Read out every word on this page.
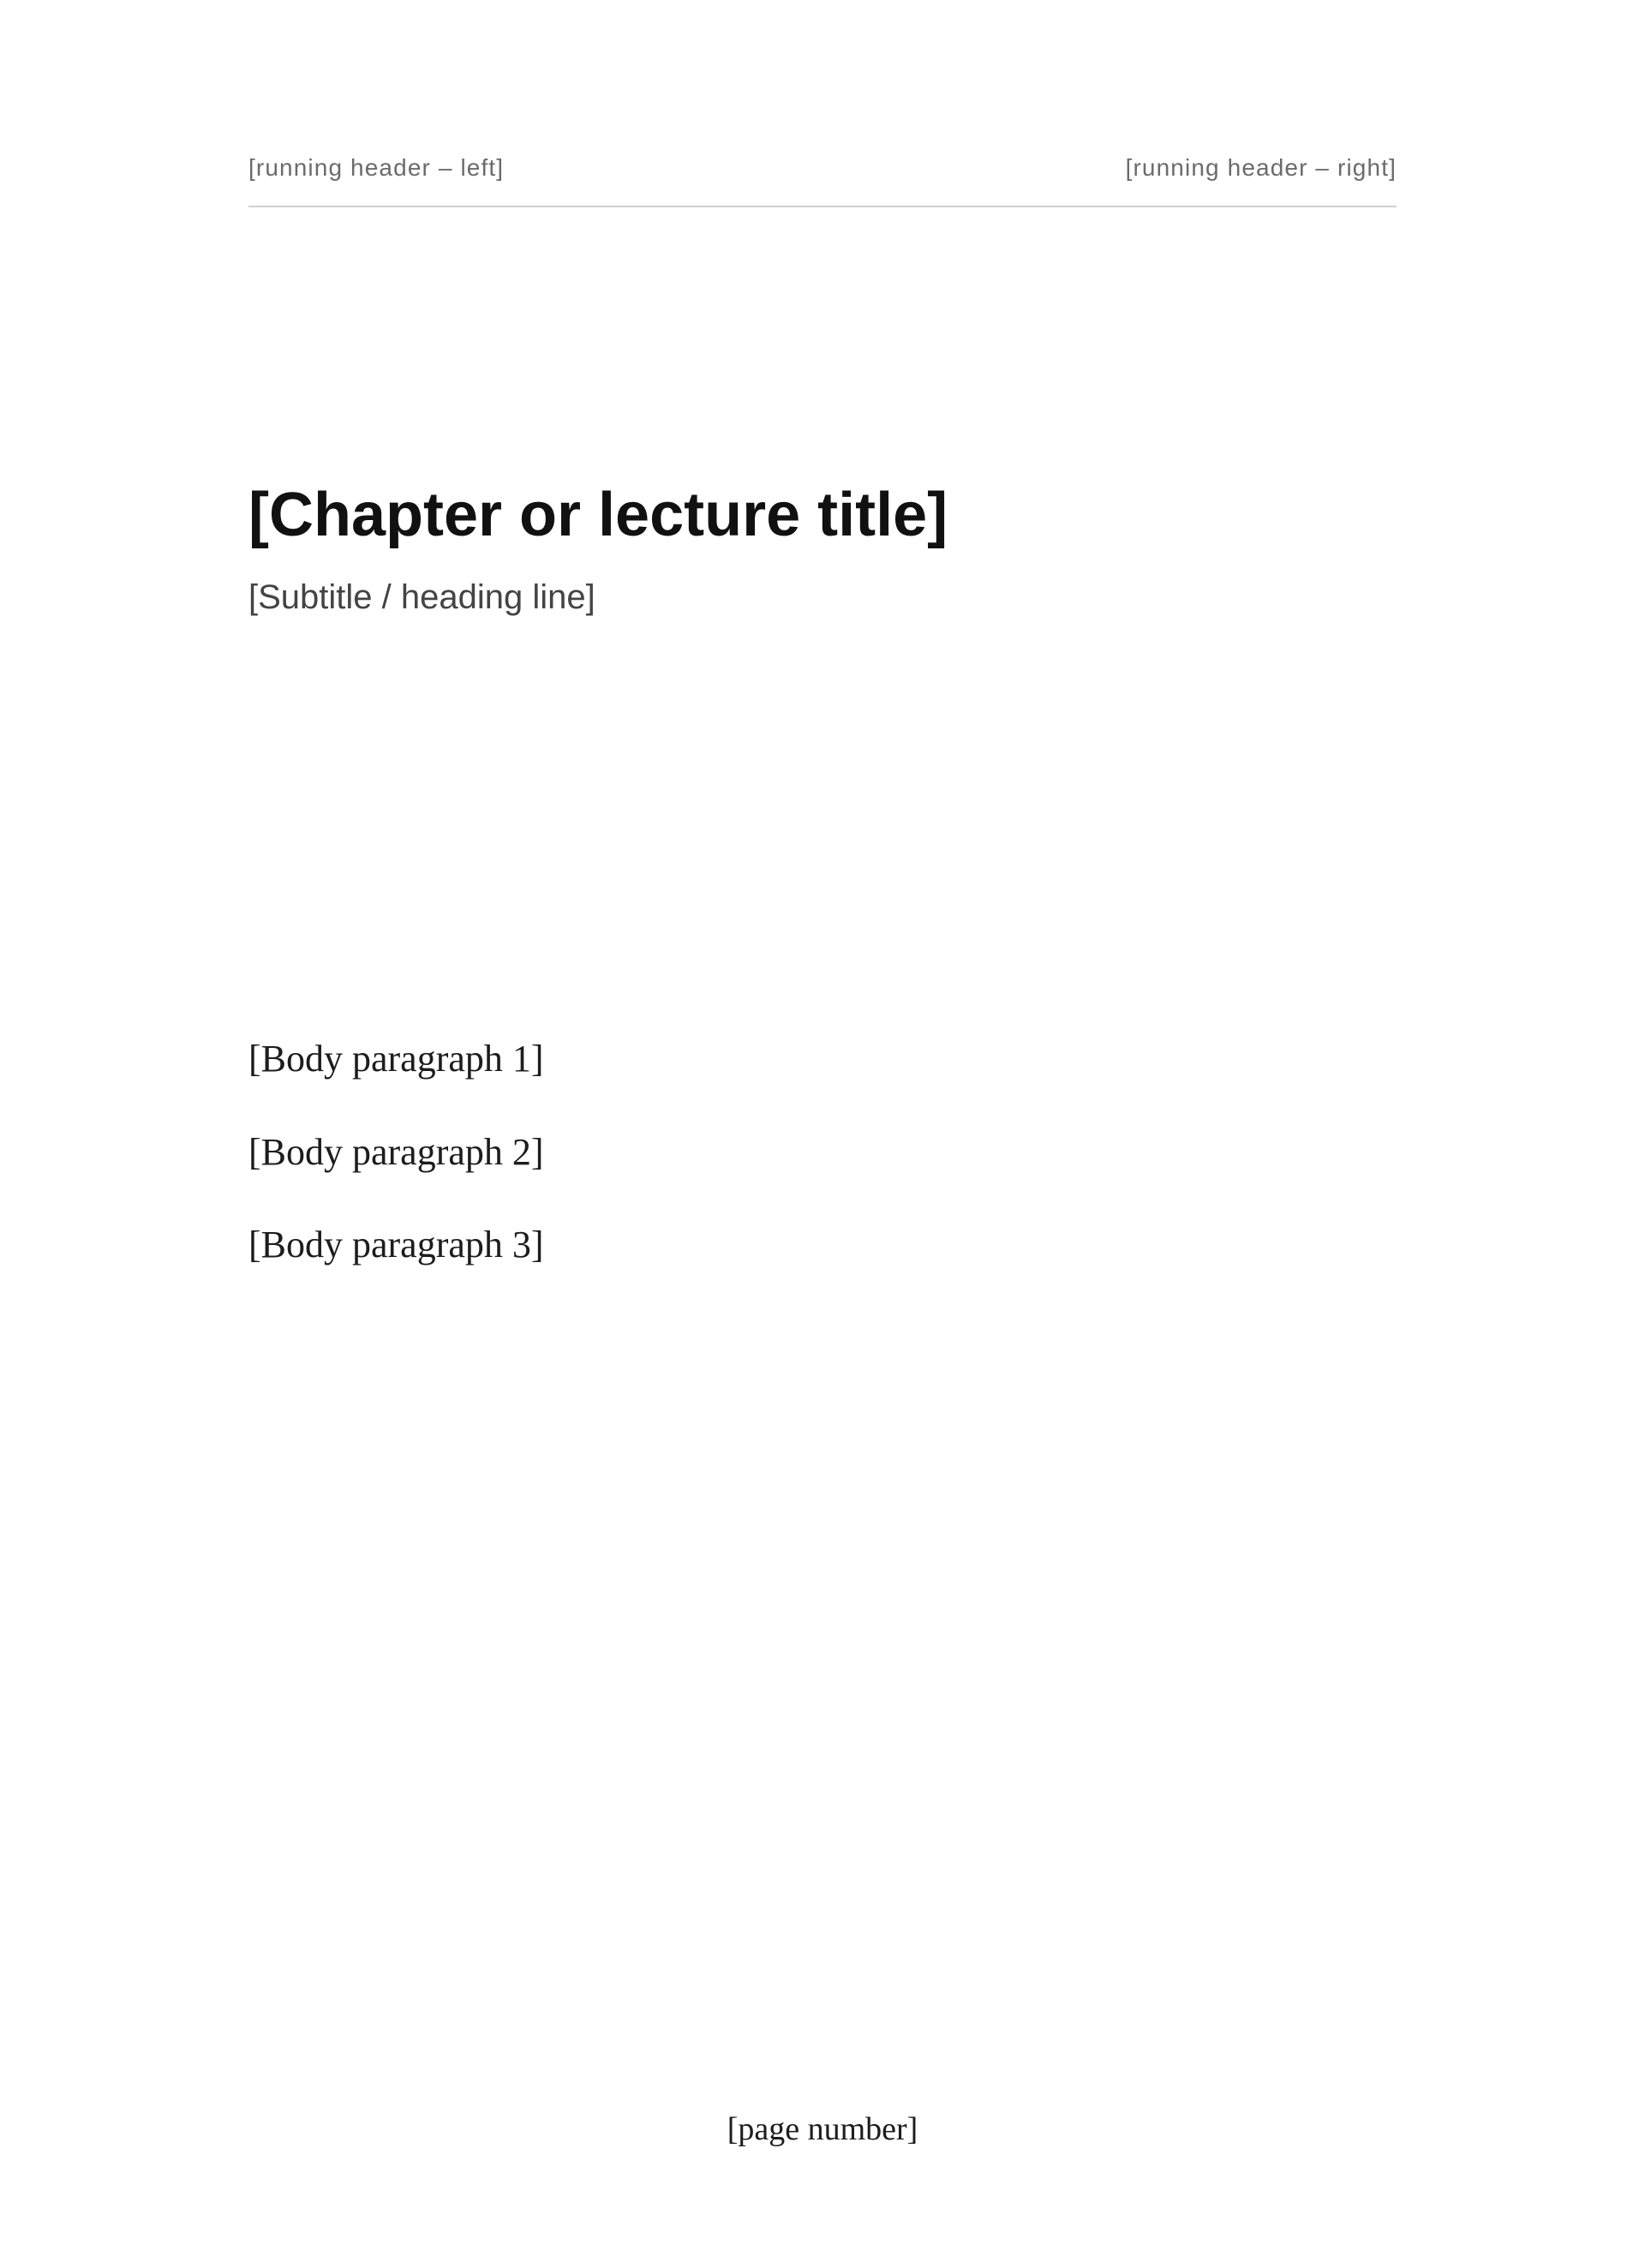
[running header – left]	[running header – right]
[Chapter or lecture title]
[Subtitle / heading line]

[Body paragraph 1]

[Body paragraph 2]

[Body paragraph 3]

[page number]
